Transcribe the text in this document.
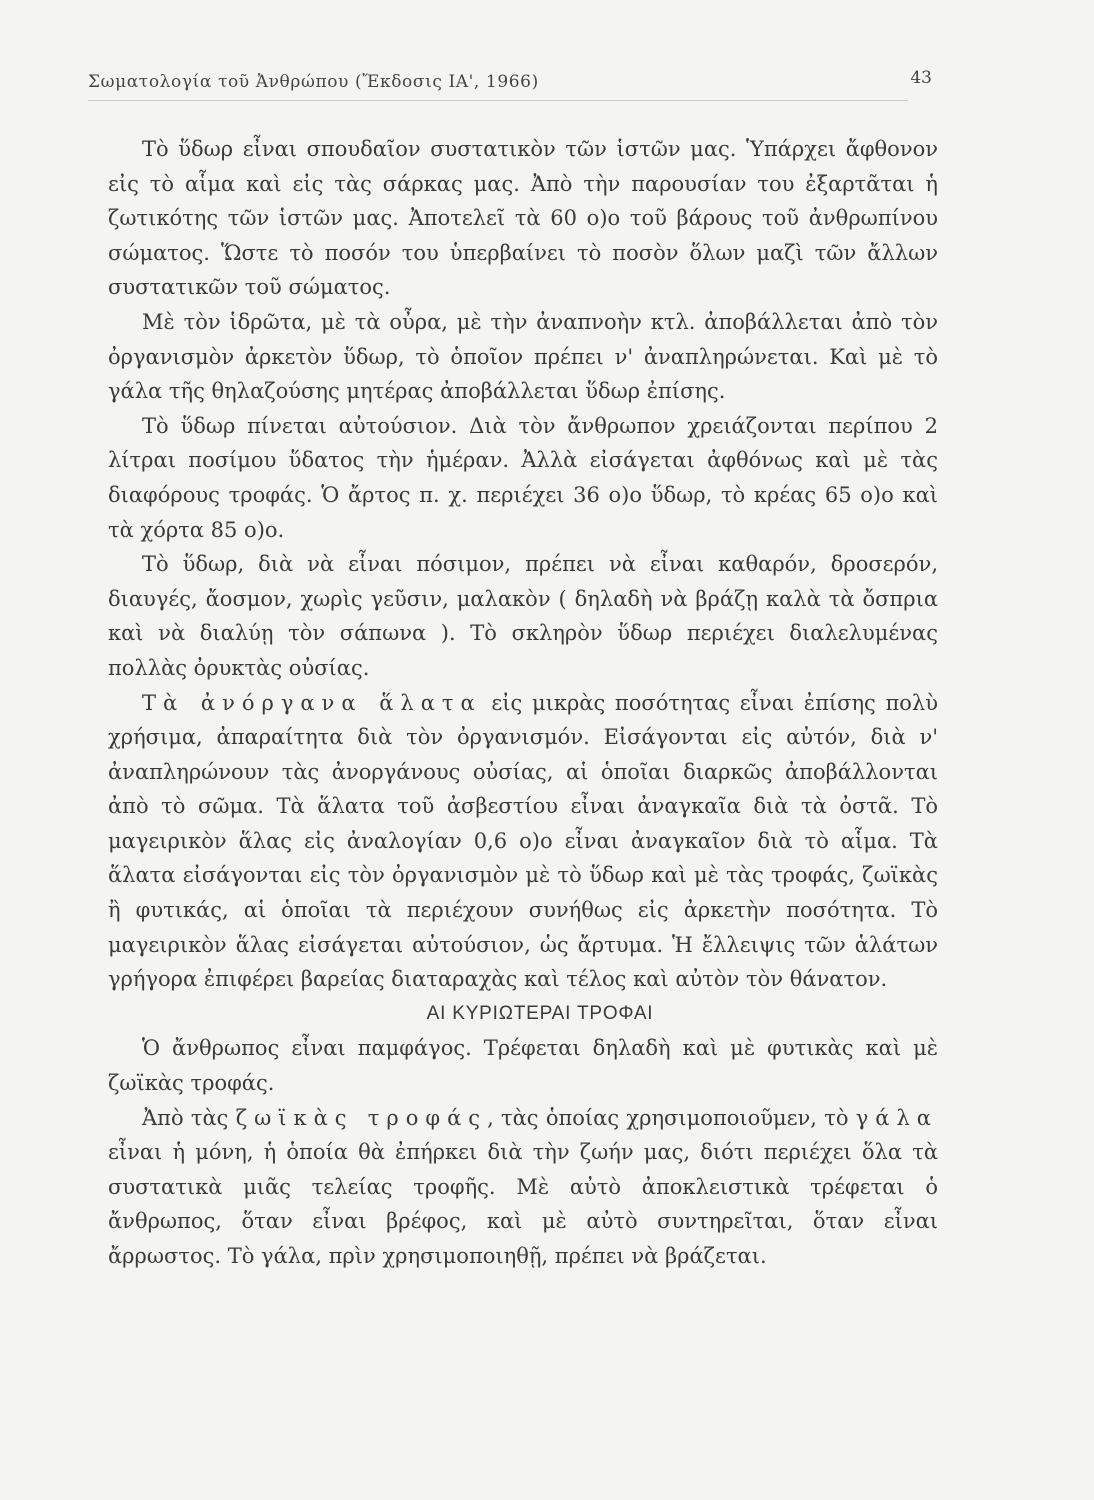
Σωματολογία τοῦ Ἀνθρώπου (Ἔκδοσις ΙΑ', 1966)	43

Τὸ ὕδωρ εἶναι σπουδαῖον συστατικὸν τῶν ἱστῶν μας. Ὑπάρχει ἄφθονον εἰς τὸ αἷμα καὶ εἰς τὰς σάρκας μας. Ἀπὸ τὴν παρουσίαν του ἐξαρτᾶται ἡ ζωτικότης τῶν ἱστῶν μας. Ἀποτελεῖ τὰ 60 ο)ο τοῦ βάρους τοῦ ἀνθρωπίνου σώματος. Ὥστε τὸ ποσόν του ὑπερβαίνει τὸ ποσὸν ὅλων μαζὶ τῶν ἄλλων συστατικῶν τοῦ σώματος.

Μὲ τὸν ἱδρῶτα, μὲ τὰ οὖρα, μὲ τὴν ἀναπνοὴν κτλ. ἀποβάλλεται ἀπὸ τὸν ὀργανισμὸν ἀρκετὸν ὕδωρ, τὸ ὁποῖον πρέπει ν' ἀναπληρώνεται. Καὶ μὲ τὸ γάλα τῆς θηλαζούσης μητέρας ἀποβάλλεται ὕδωρ ἐπίσης.

Τὸ ὕδωρ πίνεται αὐτούσιον. Διὰ τὸν ἄνθρωπον χρειάζονται περίπου 2 λίτραι ποσίμου ὕδατος τὴν ἡμέραν. Ἀλλὰ εἰσάγεται ἀφθόνως καὶ μὲ τὰς διαφόρους τροφάς. Ὁ ἄρτος π. χ. περιέχει 36 ο)ο ὕδωρ, τὸ κρέας 65 ο)ο καὶ τὰ χόρτα 85 ο)ο.

Τὸ ὕδωρ, διὰ νὰ εἶναι πόσιμον, πρέπει νὰ εἶναι καθαρόν, δροσερόν, διαυγές, ἄοσμον, χωρὶς γεῦσιν, μαλακὸν ( δηλαδὴ νὰ βράζῃ καλὰ τὰ ὄσπρια καὶ νὰ διαλύῃ τὸν σάπωνα ). Τὸ σκληρὸν ὕδωρ περιέχει διαλελυμένας πολλὰς ὀρυκτὰς οὐσίας.

Τὰ ἀνόργανα ἅλατα εἰς μικρὰς ποσότητας εἶναι ἐπίσης πολὺ χρήσιμα, ἀπαραίτητα διὰ τὸν ὀργανισμόν. Εἰσάγονται εἰς αὐτόν, διὰ ν' ἀναπληρώνουν τὰς ἀνοργάνους οὐσίας, αἱ ὁποῖαι διαρκῶς ἀποβάλλονται ἀπὸ τὸ σῶμα. Τὰ ἅλατα τοῦ ἀσβεστίου εἶναι ἀναγκαῖα διὰ τὰ ὀστᾶ. Τὸ μαγειρικὸν ἅλας εἰς ἀναλογίαν 0,6 ο)ο εἶναι ἀναγκαῖον διὰ τὸ αἷμα. Τὰ ἅλατα εἰσάγονται εἰς τὸν ὀργανισμὸν μὲ τὸ ὕδωρ καὶ μὲ τὰς τροφάς, ζωϊκὰς ἢ φυτικάς, αἱ ὁποῖαι τὰ περιέχουν συνήθως εἰς ἀρκετὴν ποσότητα. Τὸ μαγειρικὸν ἅλας εἰσάγεται αὐτούσιον, ὡς ἄρτυμα. Ἡ ἔλλειψις τῶν ἁλάτων γρήγορα ἐπιφέρει βαρείας διαταραχὰς καὶ τέλος καὶ αὐτὸν τὸν θάνατον.

ΑΙ ΚΥΡΙΩΤΕΡΑΙ ΤΡΟΦΑΙ

Ὁ ἄνθρωπος εἶναι παμφάγος. Τρέφεται δηλαδὴ καὶ μὲ φυτικὰς καὶ μὲ ζωϊκὰς τροφάς.

Ἀπὸ τὰς ζωϊκὰς τροφάς, τὰς ὁποίας χρησιμοποιοῦμεν, τὸ γάλα εἶναι ἡ μόνη, ἡ ὁποία θὰ ἐπήρκει διὰ τὴν ζωήν μας, διότι περιέχει ὅλα τὰ συστατικὰ μιᾶς τελείας τροφῆς. Μὲ αὐτὸ ἀποκλειστικὰ τρέφεται ὁ ἄνθρωπος, ὅταν εἶναι βρέφος, καὶ μὲ αὐτὸ συντηρεῖται, ὅταν εἶναι ἄρρωστος. Τὸ γάλα, πρὶν χρησιμοποιηθῇ, πρέπει νὰ βράζεται.
